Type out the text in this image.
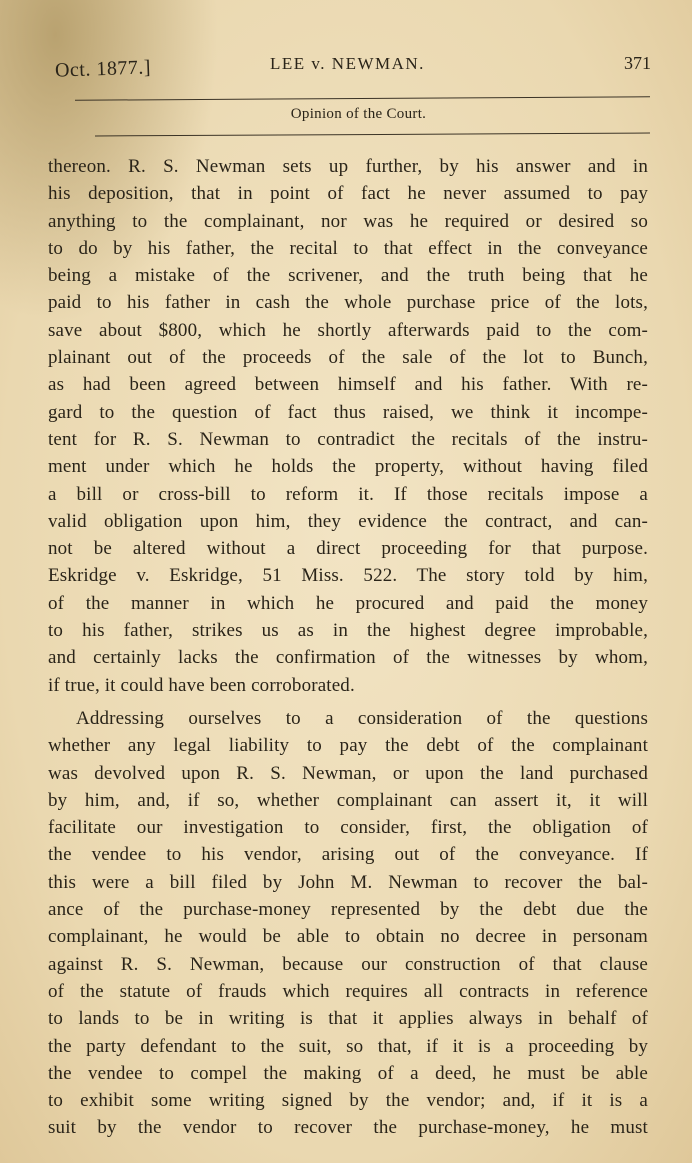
Oct. 1877.]	LEE v. NEWMAN.	371
Opinion of the Court.
thereon. R. S. Newman sets up further, by his answer and in
his deposition, that in point of fact he never assumed to pay
anything to the complainant, nor was he required or desired so
to do by his father, the recital to that effect in the conveyance
being a mistake of the scrivener, and the truth being that he
paid to his father in cash the whole purchase price of the lots,
save about $800, which he shortly afterwards paid to the com-
plainant out of the proceeds of the sale of the lot to Bunch,
as had been agreed between himself and his father. With re-
gard to the question of fact thus raised, we think it incompe-
tent for R. S. Newman to contradict the recitals of the instru-
ment under which he holds the property, without having filed
a bill or cross-bill to reform it. If those recitals impose a
valid obligation upon him, they evidence the contract, and can-
not be altered without a direct proceeding for that purpose.
Eskridge v. Eskridge, 51 Miss. 522. The story told by him,
of the manner in which he procured and paid the money
to his father, strikes us as in the highest degree improbable,
and certainly lacks the confirmation of the witnesses by whom,
if true, it could have been corroborated.
Addressing ourselves to a consideration of the questions
whether any legal liability to pay the debt of the complainant
was devolved upon R. S. Newman, or upon the land purchased
by him, and, if so, whether complainant can assert it, it will
facilitate our investigation to consider, first, the obligation of
the vendee to his vendor, arising out of the conveyance. If
this were a bill filed by John M. Newman to recover the bal-
ance of the purchase-money represented by the debt due the
complainant, he would be able to obtain no decree in personam
against R. S. Newman, because our construction of that clause
of the statute of frauds which requires all contracts in reference
to lands to be in writing is that it applies always in behalf of
the party defendant to the suit, so that, if it is a proceeding by
the vendee to compel the making of a deed, he must be able
to exhibit some writing signed by the vendor; and, if it is a
suit by the vendor to recover the purchase-money, he must
